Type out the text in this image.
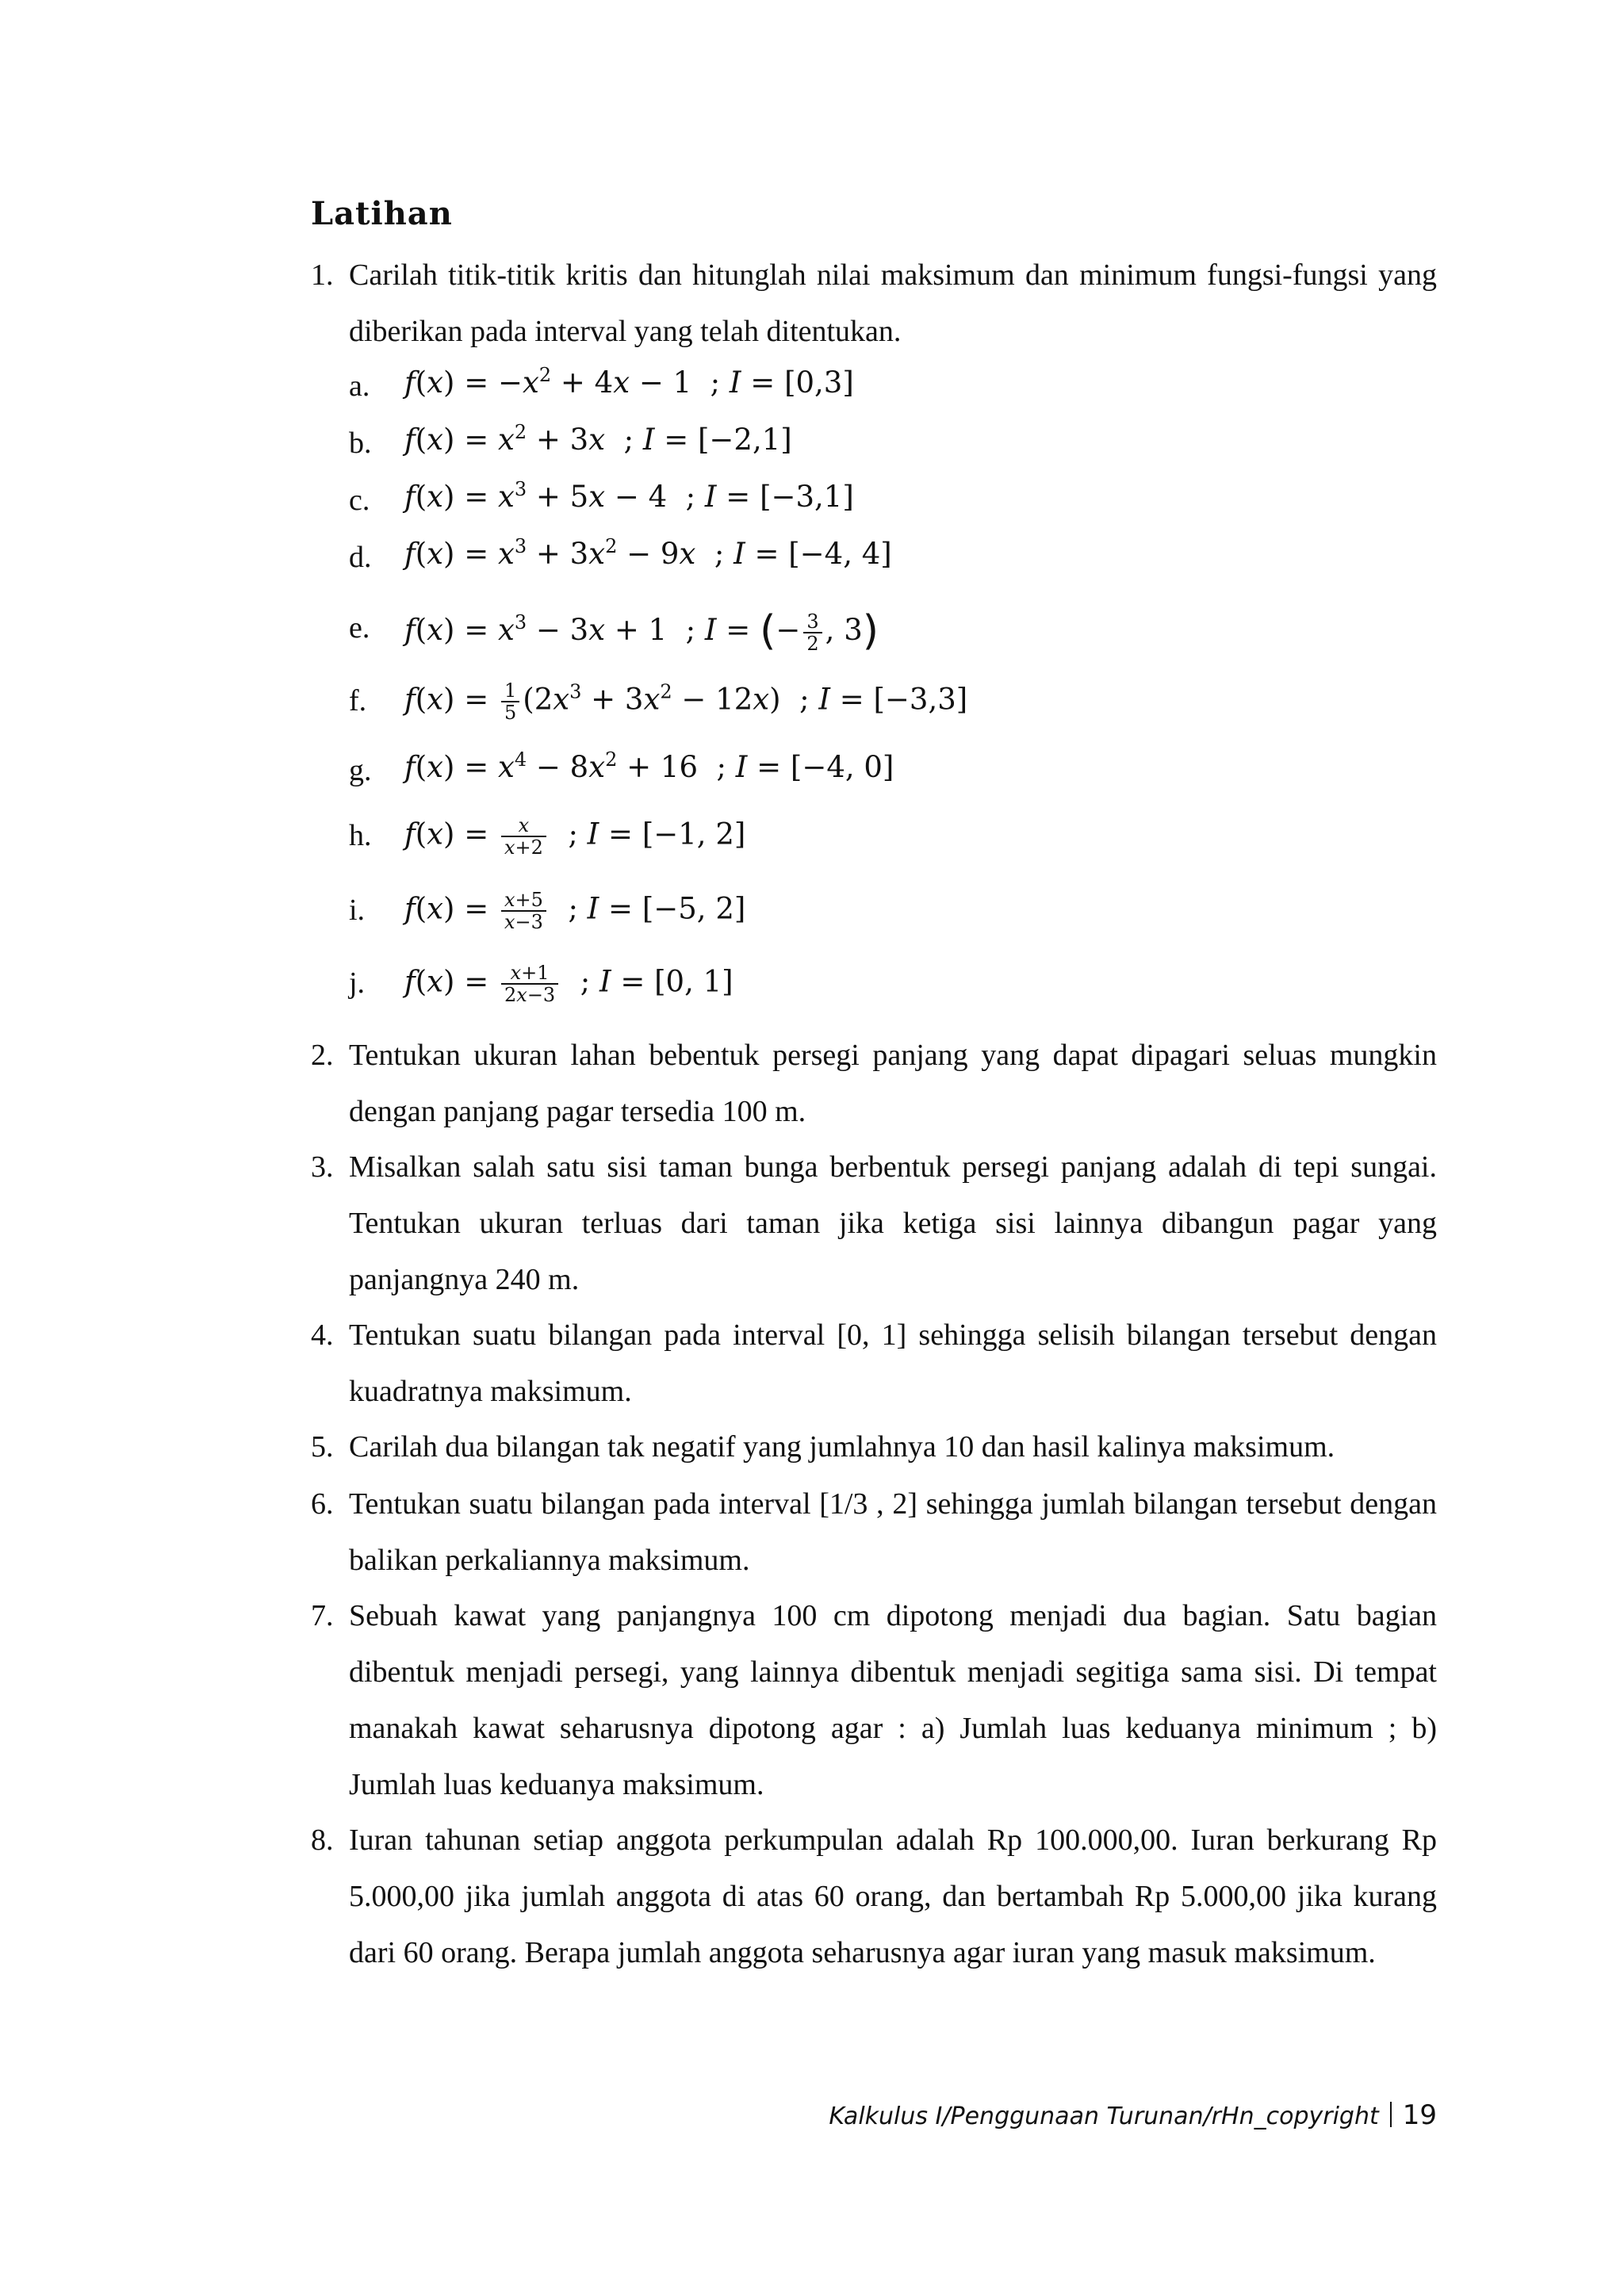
Latihan
1. Carilah titik-titik kritis dan hitunglah nilai maksimum dan minimum fungsi-fungsi yang diberikan pada interval yang telah ditentukan.
a. $f(x) = -x^2 + 4x - 1$  ; I = [0,3]
b. $f(x) = x^2 + 3x$  ; I = [−2,1]
c. $f(x) = x^3 + 5x - 4$  ; I = [−3,1]
d. $f(x) = x^3 + 3x^2 - 9x$  ; I = [−4, 4]
e. $f(x) = x^3 - 3x + 1$  ; I = (− $\frac{3}{2}$ , 3)
f. $f(x) = \frac{1}{5} (2x^3 + 3x^2 - 12x)$  ; I = [−3,3]
g. $f(x) = x^4 - 8x^2 + 16$  ; I = [−4, 0]
h. $f(x) = \frac{x}{x+2}$ ; I = [−1, 2]
i. $f(x) = \frac{x+5}{x-3}$ ; I = [−5, 2]
j. $f(x) = \frac{x+1}{2x-3}$ ; I = [0, 1]
2. Tentukan ukuran lahan bebentuk persegi panjang yang dapat dipagari seluas mungkin dengan panjang pagar tersedia 100 m.
3. Misalkan salah satu sisi taman bunga berbentuk persegi panjang adalah di tepi sungai. Tentukan ukuran terluas dari taman jika ketiga sisi lainnya dibangun pagar yang panjangnya 240 m.
4. Tentukan suatu bilangan pada interval [0, 1] sehingga selisih bilangan tersebut dengan kuadratnya maksimum.
5. Carilah dua bilangan tak negatif yang jumlahnya 10 dan hasil kalinya maksimum.
6. Tentukan suatu bilangan pada interval [1/3 , 2] sehingga jumlah bilangan tersebut dengan balikan perkaliannya maksimum.
7. Sebuah kawat yang panjangnya 100 cm dipotong menjadi dua bagian. Satu bagian dibentuk menjadi persegi, yang lainnya dibentuk menjadi segitiga sama sisi. Di tempat manakah kawat seharusnya dipotong agar : a) Jumlah luas keduanya minimum ; b) Jumlah luas keduanya maksimum.
8. Iuran tahunan setiap anggota perkumpulan adalah Rp 100.000,00. Iuran berkurang Rp 5.000,00 jika jumlah anggota di atas 60 orang, dan bertambah Rp 5.000,00 jika kurang dari 60 orang. Berapa jumlah anggota seharusnya agar iuran yang masuk maksimum.
Kalkulus I/Penggunaan Turunan/rHn_copyright 19
